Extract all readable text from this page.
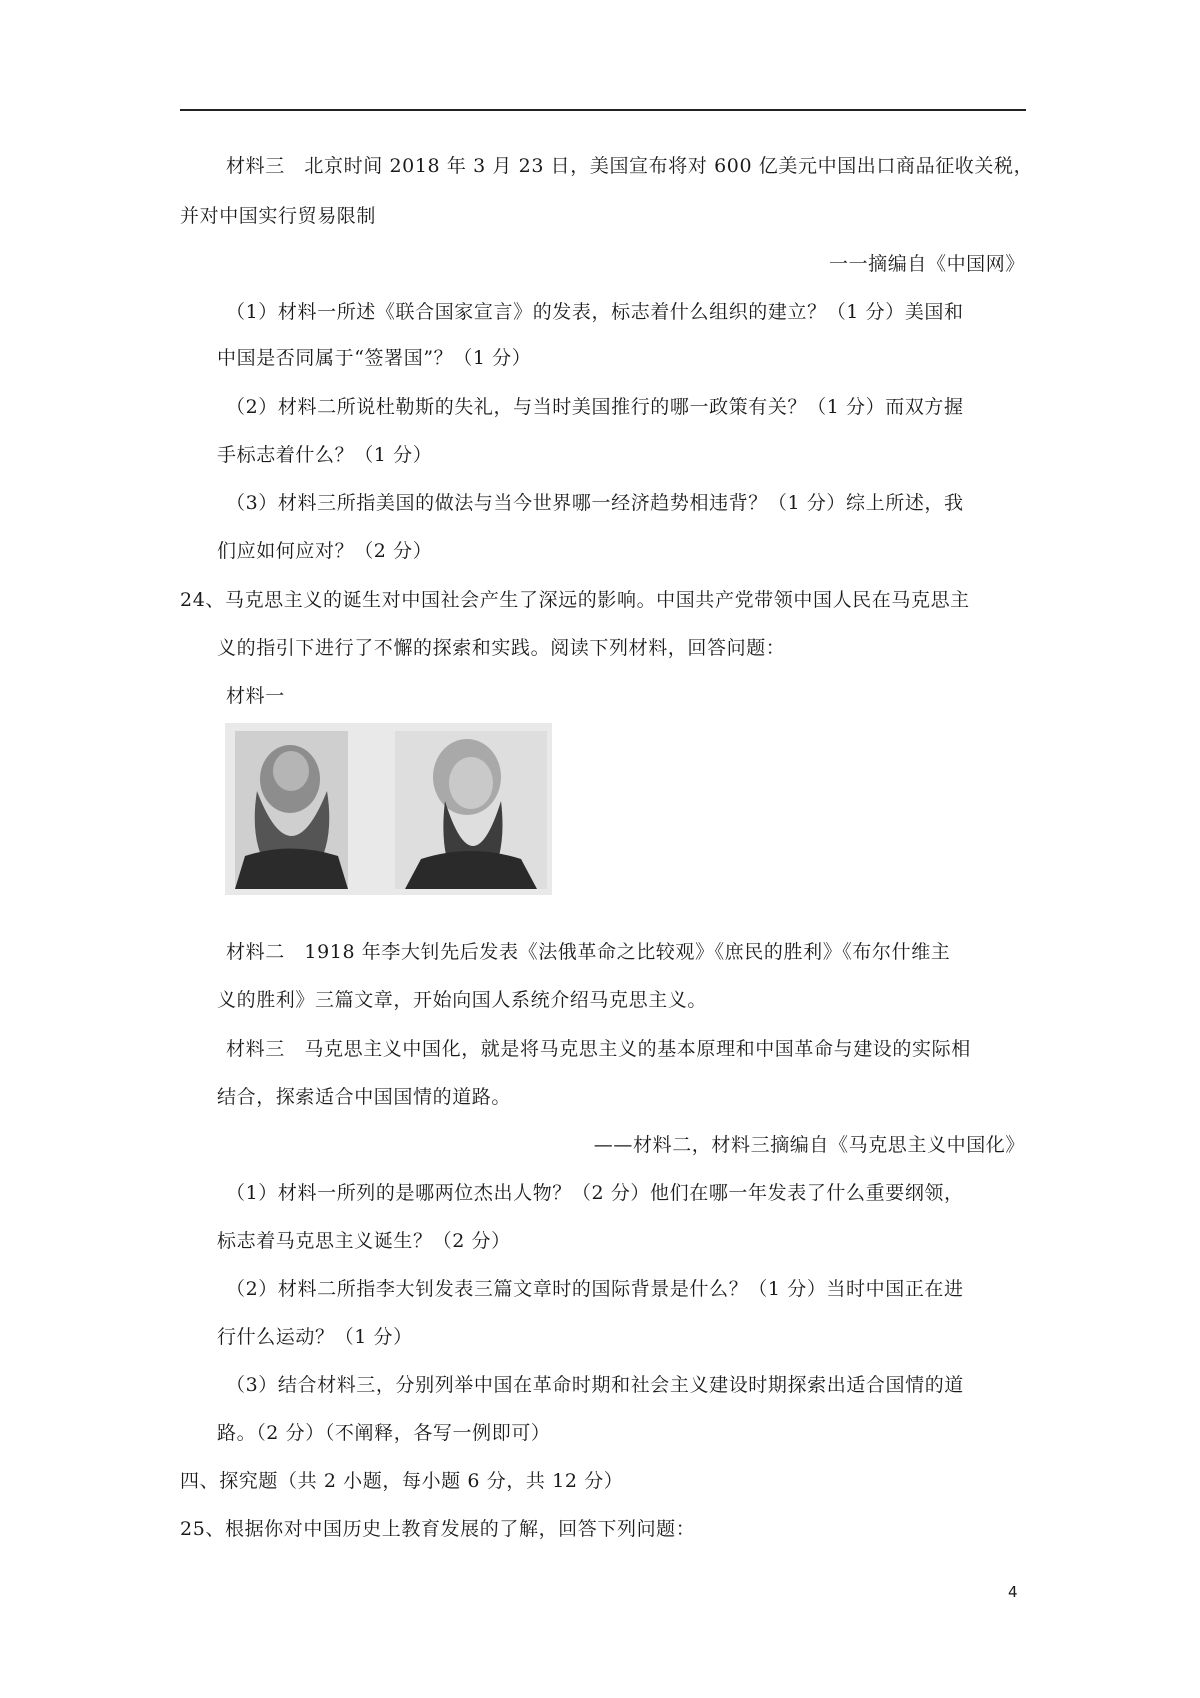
材料三　北京时间 2018 年 3 月 23 日，美国宣布将对 600 亿美元中国出口商品征收关税，
并对中国实行贸易限制
一一摘编自《中国网》
（1）材料一所述《联合国家宣言》的发表，标志着什么组织的建立？（1 分）美国和
中国是否同属于“签署国”？（1 分）
（2）材料二所说杜勒斯的失礼，与当时美国推行的哪一政策有关？（1 分）而双方握
手标志着什么？（1 分）
（3）材料三所指美国的做法与当今世界哪一经济趋势相违背？（1 分）综上所述，我
们应如何应对？（2 分）
24、马克思主义的诞生对中国社会产生了深远的影响。中国共产党带领中国人民在马克思主
义的指引下进行了不懈的探索和实践。阅读下列材料，回答问题：
材料一
材料二　1918 年李大钊先后发表《法俄革命之比较观》《庶民的胜利》《布尔什维主
义的胜利》三篇文章，开始向国人系统介绍马克思主义。
材料三　马克思主义中国化，就是将马克思主义的基本原理和中国革命与建设的实际相
结合，探索适合中国国情的道路。
——材料二，材料三摘编自《马克思主义中国化》
（1）材料一所列的是哪两位杰出人物？（2 分）他们在哪一年发表了什么重要纲领，
标志着马克思主义诞生？（2 分）
（2）材料二所指李大钊发表三篇文章时的国际背景是什么？（1 分）当时中国正在进
行什么运动？（1 分）
（3）结合材料三，分别列举中国在革命时期和社会主义建设时期探索出适合国情的道
路。（2 分）（不阐释，各写一例即可）
四、探究题（共 2 小题，每小题 6 分，共 12 分）
25、根据你对中国历史上教育发展的了解，回答下列问题：
4
